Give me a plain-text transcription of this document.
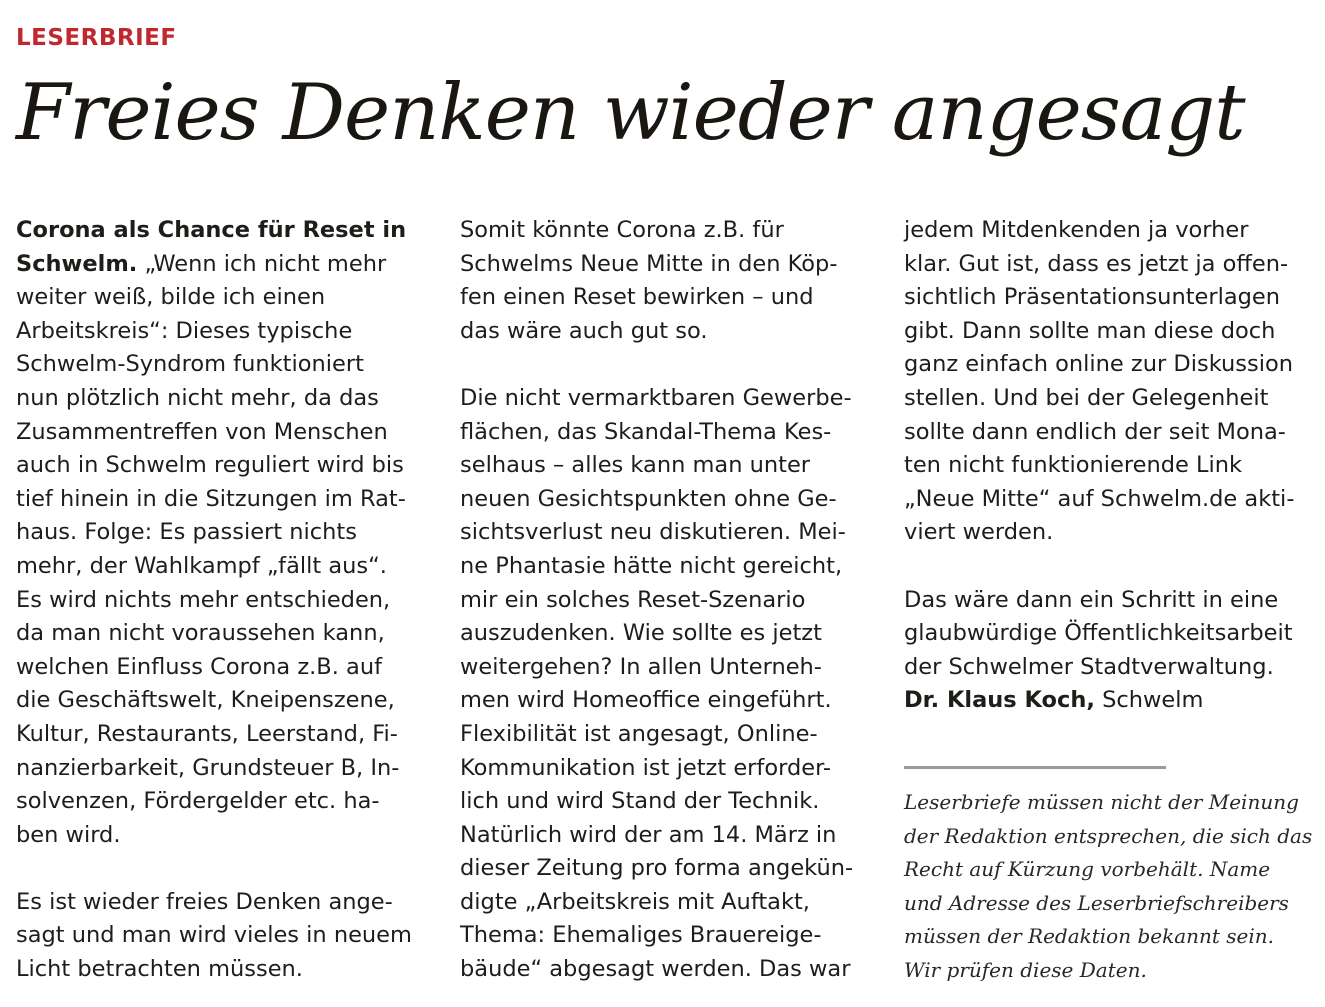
LESERBRIEF
Freies Denken wieder angesagt
Corona als Chance für Reset in
Schwelm. „Wenn ich nicht mehr
weiter weiß, bilde ich einen
Arbeitskreis“: Dieses typische
Schwelm-Syndrom funktioniert
nun plötzlich nicht mehr, da das
Zusammentreffen von Menschen
auch in Schwelm reguliert wird bis
tief hinein in die Sitzungen im Rat-
haus. Folge: Es passiert nichts
mehr, der Wahlkampf „fällt aus“.
Es wird nichts mehr entschieden,
da man nicht voraussehen kann,
welchen Einfluss Corona z.B. auf
die Geschäftswelt, Kneipenszene,
Kultur, Restaurants, Leerstand, Fi-
nanzierbarkeit, Grundsteuer B, In-
solvenzen, Fördergelder etc. ha-
ben wird.
Es ist wieder freies Denken ange-
sagt und man wird vieles in neuem
Licht betrachten müssen.
Somit könnte Corona z.B. für
Schwelms Neue Mitte in den Köp-
fen einen Reset bewirken – und
das wäre auch gut so.
Die nicht vermarktbaren Gewerbe-
flächen, das Skandal-Thema Kes-
selhaus – alles kann man unter
neuen Gesichtspunkten ohne Ge-
sichtsverlust neu diskutieren. Mei-
ne Phantasie hätte nicht gereicht,
mir ein solches Reset-Szenario
auszudenken. Wie sollte es jetzt
weitergehen? In allen Unterneh-
men wird Homeoffice eingeführt.
Flexibilität ist angesagt, Online-
Kommunikation ist jetzt erforder-
lich und wird Stand der Technik.
Natürlich wird der am 14. März in
dieser Zeitung pro forma angekün-
digte „Arbeitskreis mit Auftakt,
Thema: Ehemaliges Brauereige-
bäude“ abgesagt werden. Das war
jedem Mitdenkenden ja vorher
klar. Gut ist, dass es jetzt ja offen-
sichtlich Präsentationsunterlagen
gibt. Dann sollte man diese doch
ganz einfach online zur Diskussion
stellen. Und bei der Gelegenheit
sollte dann endlich der seit Mona-
ten nicht funktionierende Link
„Neue Mitte“ auf Schwelm.de akti-
viert werden.
Das wäre dann ein Schritt in eine
glaubwürdige Öffentlichkeitsarbeit
der Schwelmer Stadtverwaltung.
Dr. Klaus Koch, Schwelm
Leserbriefe müssen nicht der Meinung
der Redaktion entsprechen, die sich das
Recht auf Kürzung vorbehält. Name
und Adresse des Leserbriefschreibers
müssen der Redaktion bekannt sein.
Wir prüfen diese Daten.
